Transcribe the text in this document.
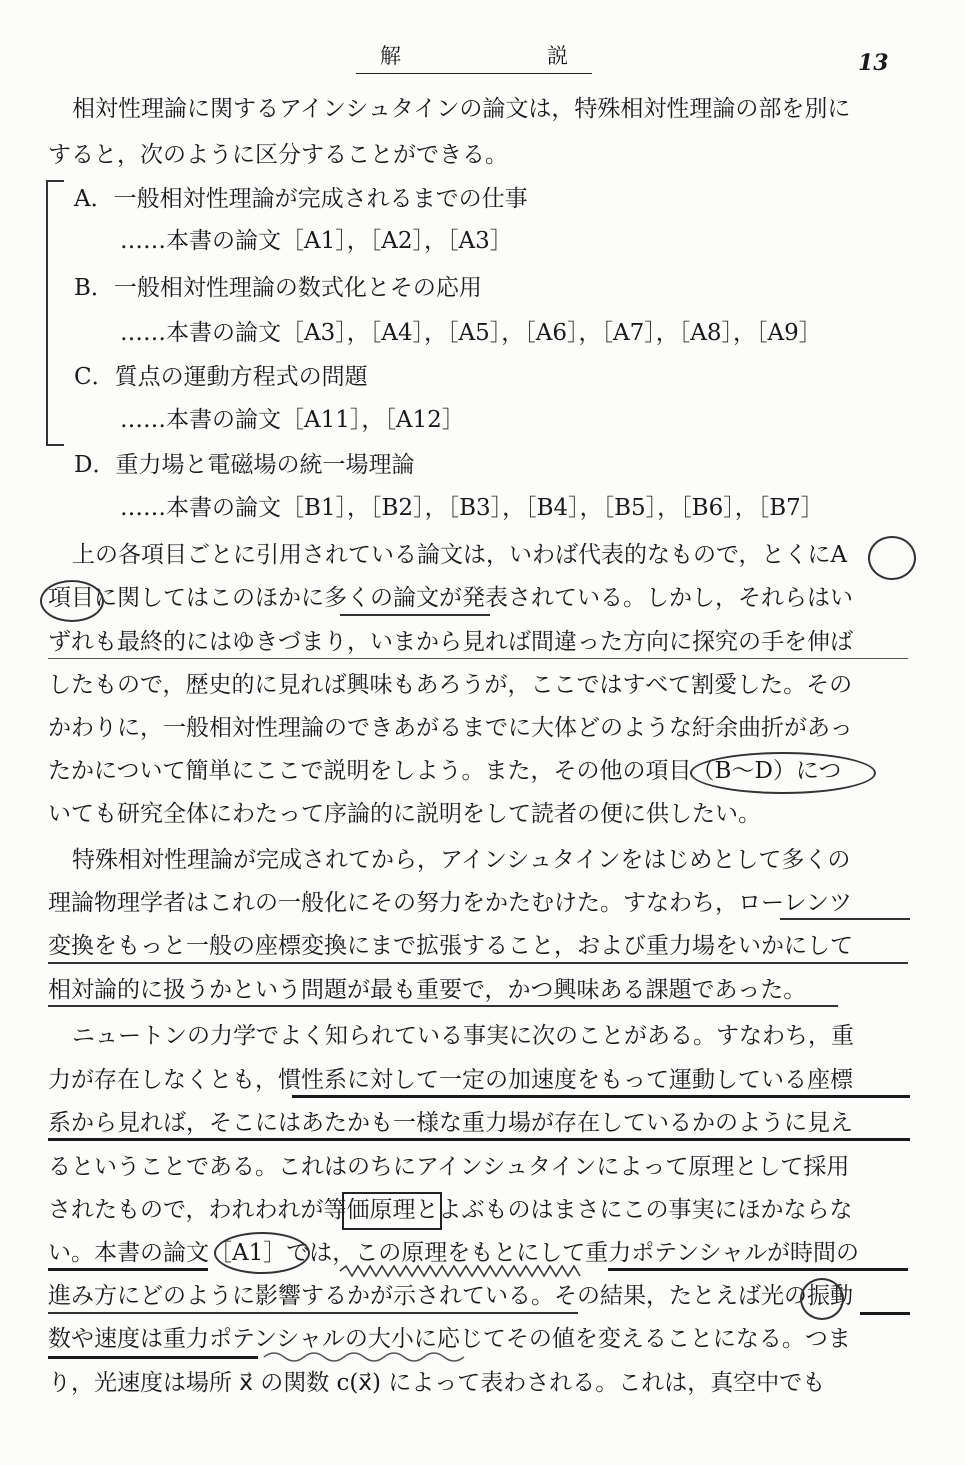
解　　　説	13
相対性理論に関するアインシュタインの論文は，特殊相対性理論の部を別に
すると，次のように区分することができる。
A．一般相対性理論が完成されるまでの仕事
……本書の論文［A1］，［A2］，［A3］
B．一般相対性理論の数式化とその応用
……本書の論文［A3］，［A4］，［A5］，［A6］，［A7］，［A8］，［A9］
C．質点の運動方程式の問題
……本書の論文［A11］，［A12］
D．重力場と電磁場の統一場理論
……本書の論文［B1］，［B2］，［B3］，［B4］，［B5］，［B6］，［B7］
上の各項目ごとに引用されている論文は，いわば代表的なもので，とくにA
項目に関してはこのほかに多くの論文が発表されている。しかし，それらはい
ずれも最終的にはゆきづまり，いまから見れば間違った方向に探究の手を伸ば
したもので，歴史的に見れば興味もあろうが，ここではすべて割愛した。その
かわりに，一般相対性理論のできあがるまでに大体どのような紆余曲折があっ
たかについて簡単にここで説明をしよう。また，その他の項目（B～D）につ
いても研究全体にわたって序論的に説明をして読者の便に供したい。
特殊相対性理論が完成されてから，アインシュタインをはじめとして多くの
理論物理学者はこれの一般化にその努力をかたむけた。すなわち，ローレンツ
変換をもっと一般の座標変換にまで拡張すること，および重力場をいかにして
相対論的に扱うかという問題が最も重要で，かつ興味ある課題であった。
ニュートンの力学でよく知られている事実に次のことがある。すなわち，重
力が存在しなくとも，慣性系に対して一定の加速度をもって運動している座標
系から見れば，そこにはあたかも一様な重力場が存在しているかのように見え
るということである。これはのちにアインシュタインによって原理として採用
されたもので，われわれが等価原理とよぶものはまさにこの事実にほかならな
い。本書の論文［A1］では，この原理をもとにして重力ポテンシャルが時間の
進み方にどのように影響するかが示されている。その結果，たとえば光の振動
数や速度は重力ポテンシャルの大小に応じてその値を変えることになる。つま
り，光速度は場所 x⃗ の関数 c(x⃗) によって表わされる。これは，真空中でも
